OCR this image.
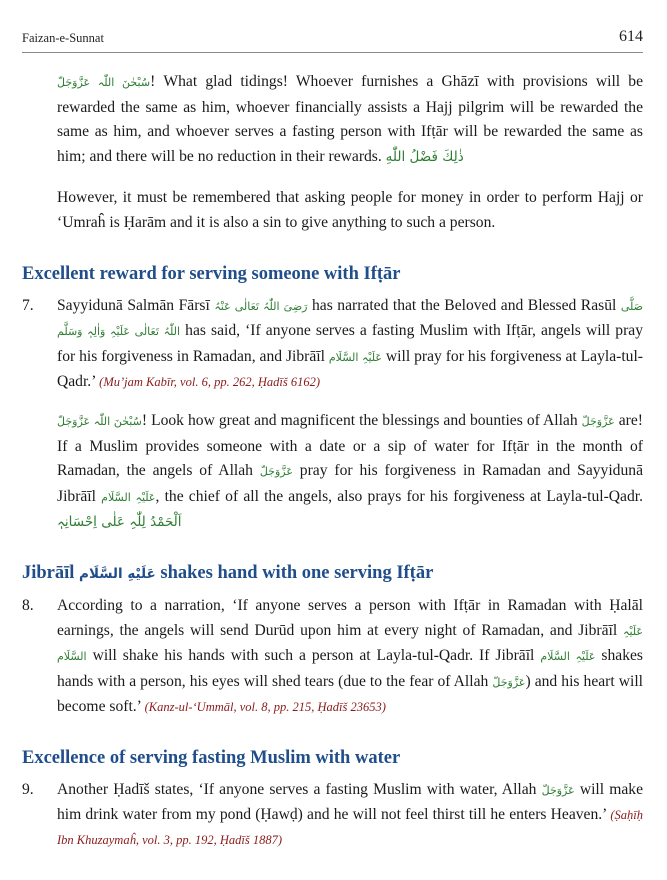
Faizan-e-Sunnat	614

سُبْحٰنَ اللّٰہ عَزَّوَجَلّ! What glad tidings! Whoever furnishes a Ghāzī with provisions will be rewarded the same as him, whoever financially assists a Hajj pilgrim will be rewarded the same as him, and whoever serves a fasting person with Ifṭār will be rewarded the same as him; and there will be no reduction in their rewards. ذٰلِكَ فَضْلُ اللّٰهِ

However, it must be remembered that asking people for money in order to perform Hajj or ‘Umraĥ is Ḥarām and it is also a sin to give anything to such a person.

Excellent reward for serving someone with Ifṭār
7.	Sayyidunā Salmān Fārsī رَضِیَ اللّٰہُ تَعَالٰی عَنْہُ has narrated that the Beloved and Blessed Rasūl صَلَّی اللّٰہُ تَعَالٰی عَلَیْہِ وَاٰلِہٖ وَسَلَّم has said, ‘If anyone serves a fasting Muslim with Ifṭār, angels will pray for his forgiveness in Ramadan, and Jibrāīl عَلَیْہِ السَّلَام will pray for his forgiveness at Layla-tul-Qadr.’ (Mu’jam Kabīr, vol. 6, pp. 262, Ḥadīš 6162)

سُبْحٰنَ اللّٰہ عَزَّوَجَلّ! Look how great and magnificent the blessings and bounties of Allah عَزَّوَجَلّ are! If a Muslim provides someone with a date or a sip of water for Ifṭār in the month of Ramadan, the angels of Allah عَزَّوَجَلّ pray for his forgiveness in Ramadan and Sayyidunā Jibrāīl عَلَیْہِ السَّلَام, the chief of all the angels, also prays for his forgiveness at Layla-tul-Qadr. اَلْحَمْدُ لِلّٰہِ عَلٰی اِحْسَانِہٖ

Jibrāīl عَلَيْهِ السَّلَام shakes hand with one serving Ifṭār
8.	According to a narration, ‘If anyone serves a person with Ifṭār in Ramadan with Ḥalāl earnings, the angels will send Durūd upon him at every night of Ramadan, and Jibrāīl عَلَیْہِ السَّلَام will shake his hands with such a person at Layla-tul-Qadr. If Jibrāīl عَلَیْہِ السَّلَام shakes hands with a person, his eyes will shed tears (due to the fear of Allah عَزَّوَجَلّ) and his heart will become soft.’ (Kanz-ul-‘Ummāl, vol. 8, pp. 215, Ḥadīš 23653)

Excellence of serving fasting Muslim with water
9.	Another Ḥadīš states, ‘If anyone serves a fasting Muslim with water, Allah عَزَّوَجَلّ will make him drink water from my pond (Ḥawḍ) and he will not feel thirst till he enters Heaven.’ (Ṣaḥīḥ Ibn Khuzaymaĥ, vol. 3, pp. 192, Ḥadīš 1887)
